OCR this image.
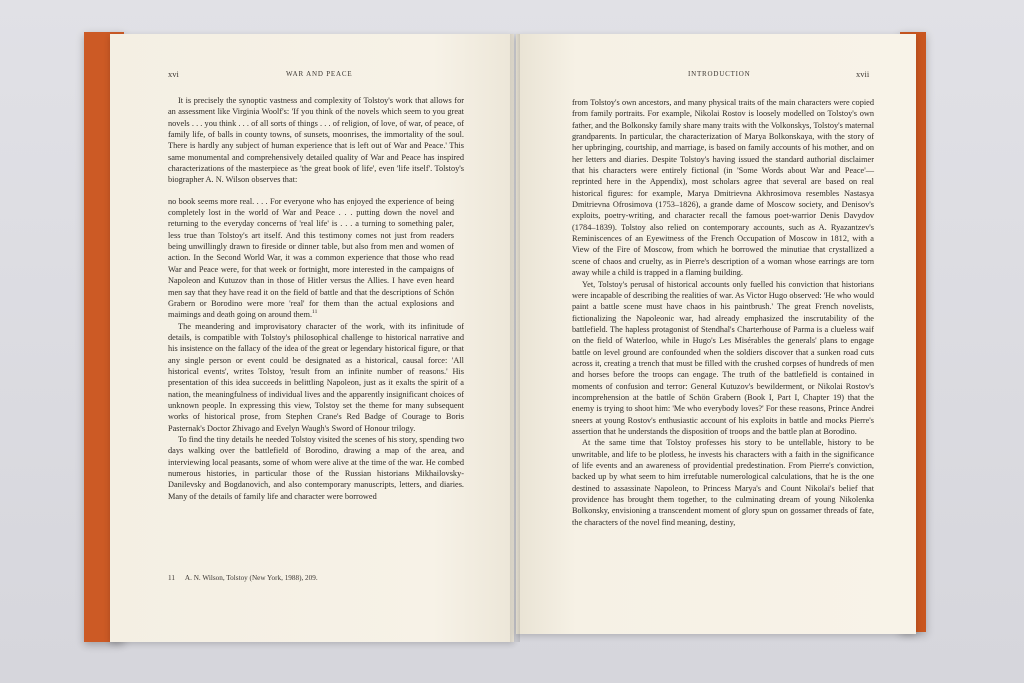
xvi	WAR AND PEACE

It is precisely the synoptic vastness and complexity of Tolstoy's work that allows for an assessment like Virginia Woolf's: 'If you think of the novels which seem to you great novels . . . you think . . . of all sorts of things . . . of religion, of love, of war, of peace, of family life, of balls in county towns, of sunsets, moonrises, the immortality of the soul. There is hardly any subject of human experience that is left out of War and Peace.' This same monumental and comprehensively detailed quality of War and Peace has inspired characterizations of the masterpiece as 'the great book of life', even 'life itself'. Tolstoy's biographer A. N. Wilson observes that:

no book seems more real. . . . For everyone who has enjoyed the experience of being completely lost in the world of War and Peace . . . putting down the novel and returning to the everyday concerns of 'real life' is . . . a turning to something paler, less true than Tolstoy's art itself. And this testimony comes not just from readers being unwillingly drawn to fireside or dinner table, but also from men and women of action. In the Second World War, it was a common experience that those who read War and Peace were, for that week or fortnight, more interested in the campaigns of Napoleon and Kutuzov than in those of Hitler versus the Allies. I have even heard men say that they have read it on the field of battle and that the descriptions of Schön Grabern or Borodino were more 'real' for them than the actual explosions and maimings and death going on around them.$^{11}$

The meandering and improvisatory character of the work, with its infinitude of details, is compatible with Tolstoy's philosophical challenge to historical narrative and his insistence on the fallacy of the idea of the great or legendary historical figure, or that any single person or event could be designated as a historical, causal force: 'All historical events', writes Tolstoy, 'result from an infinite number of reasons.' His presentation of this idea succeeds in belittling Napoleon, just as it exalts the spirit of a nation, the meaningfulness of individual lives and the apparently insignificant choices of unknown people. In expressing this view, Tolstoy set the theme for many subsequent works of historical prose, from Stephen Crane's Red Badge of Courage to Boris Pasternak's Doctor Zhivago and Evelyn Waugh's Sword of Honour trilogy.

To find the tiny details he needed Tolstoy visited the scenes of his story, spending two days walking over the battlefield of Borodino, drawing a map of the area, and interviewing local peasants, some of whom were alive at the time of the war. He combed numerous histories, in particular those of the Russian historians Mikhailovsky-Danilevsky and Bogdanovich, and also contemporary manuscripts, letters, and diaries. Many of the details of family life and character were borrowed

11 A. N. Wilson, Tolstoy (New York, 1988), 209.
INTRODUCTION	xvii

from Tolstoy's own ancestors, and many physical traits of the main characters were copied from family portraits. For example, Nikolai Rostov is loosely modelled on Tolstoy's own father, and the Bolkonsky family share many traits with the Volkonskys, Tolstoy's maternal grandparents. In particular, the characterization of Marya Bolkonskaya, with the story of her upbringing, courtship, and marriage, is based on family accounts of his mother, and on her letters and diaries. Despite Tolstoy's having issued the standard authorial disclaimer that his characters were entirely fictional (in 'Some Words about War and Peace'—reprinted here in the Appendix), most scholars agree that several are based on real historical figures: for example, Marya Dmitrievna Akhrosimova resembles Nastasya Dmitrievna Ofrosimova (1753–1826), a grande dame of Moscow society, and Denisov's exploits, poetry-writing, and character recall the famous poet-warrior Denis Davydov (1784–1839). Tolstoy also relied on contemporary accounts, such as A. Ryazantzev's Reminiscences of an Eyewitness of the French Occupation of Moscow in 1812, with a View of the Fire of Moscow, from which he borrowed the minutiae that crystallized a scene of chaos and cruelty, as in Pierre's description of a woman whose earrings are torn away while a child is trapped in a flaming building.

Yet, Tolstoy's perusal of historical accounts only fuelled his conviction that historians were incapable of describing the realities of war. As Victor Hugo observed: 'He who would paint a battle scene must have chaos in his paintbrush.' The great French novelists, fictionalizing the Napoleonic war, had already emphasized the inscrutability of the battlefield. The hapless protagonist of Stendhal's Charterhouse of Parma is a clueless waif on the field of Waterloo, while in Hugo's Les Misérables the generals' plans to engage battle on level ground are confounded when the soldiers discover that a sunken road cuts across it, creating a trench that must be filled with the crushed corpses of hundreds of men and horses before the troops can engage. The truth of the battlefield is contained in moments of confusion and terror: General Kutuzov's bewilderment, or Nikolai Rostov's incomprehension at the battle of Schön Grabern (Book I, Part I, Chapter 19) that the enemy is trying to shoot him: 'Me who everybody loves?' For these reasons, Prince Andrei sneers at young Rostov's enthusiastic account of his exploits in battle and mocks Pierre's assertion that he understands the disposition of troops and the battle plan at Borodino.

At the same time that Tolstoy professes his story to be untellable, history to be unwritable, and life to be plotless, he invests his characters with a faith in the significance of life events and an awareness of providential predestination. From Pierre's conviction, backed up by what seem to him irrefutable numerological calculations, that he is the one destined to assassinate Napoleon, to Princess Marya's and Count Nikolai's belief that providence has brought them together, to the culminating dream of young Nikolenka Bolkonsky, envisioning a transcendent moment of glory spun on gossamer threads of fate, the characters of the novel find meaning, destiny,
